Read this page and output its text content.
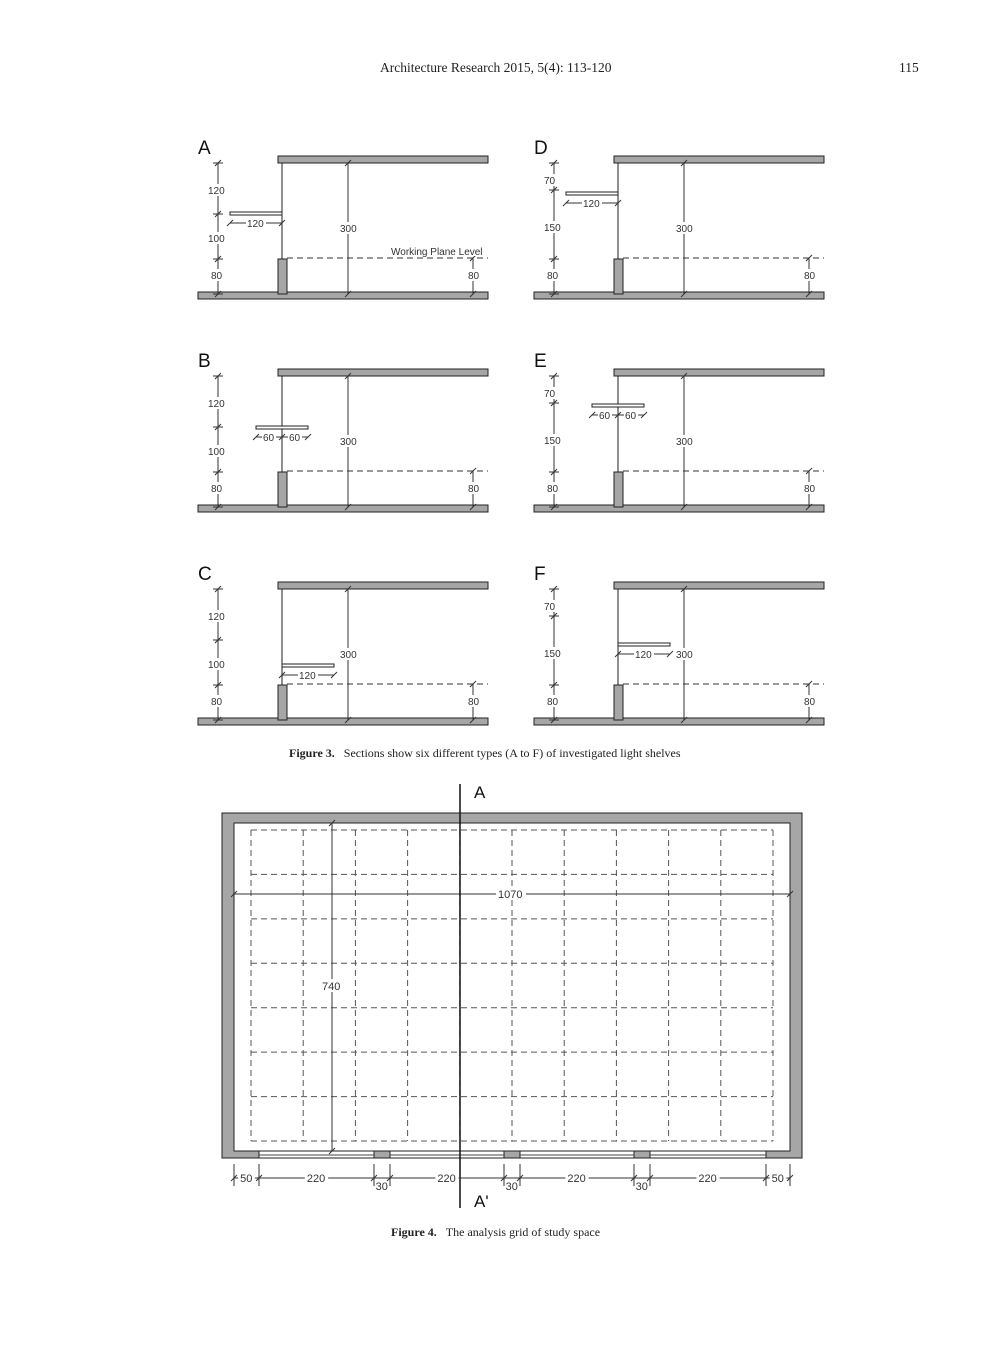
Architecture Research 2015, 5(4): 113-120	115
A
120
100
80
300
80
120
Working Plane Level
D
70
150
80
300
80
120
B
120
100
80
300
80
60 60
E
70
150
80
300
80
60 60
C
120
100
80
300
80
120
F
70
150
80
300
80
120
Figure 3. Sections show six different types (A to F) of investigated light shelves
1070
740
A
A'
50	220
30
220
30
220
30
220	50
Figure 4. The analysis grid of study space
